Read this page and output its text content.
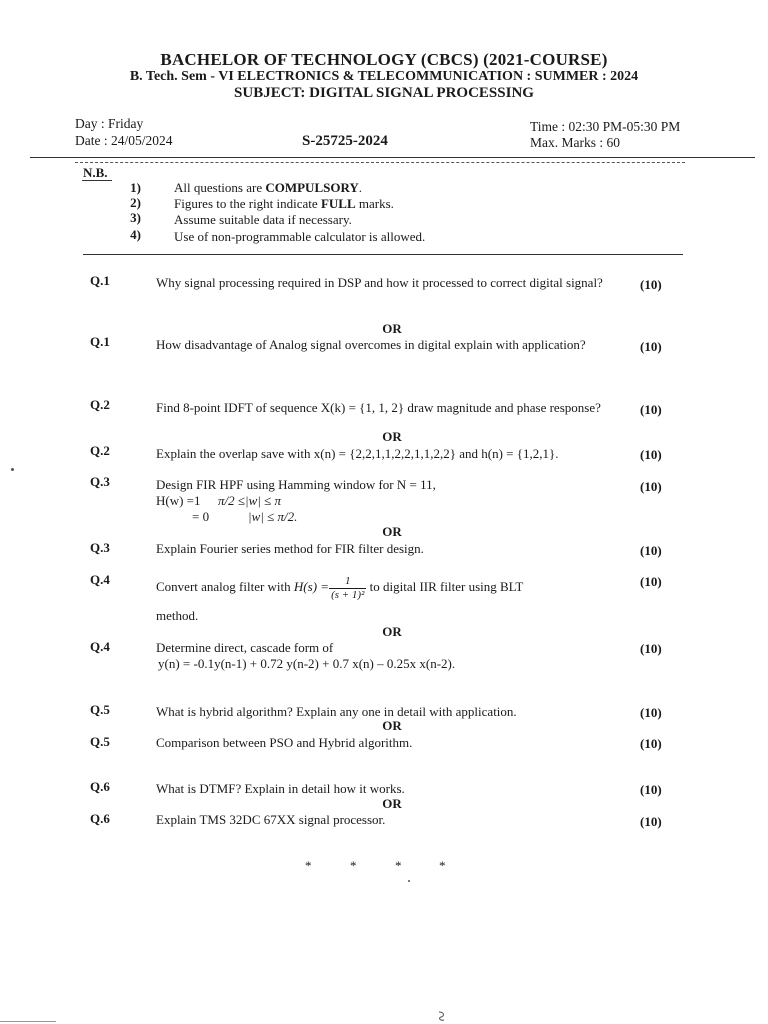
BACHELOR OF TECHNOLOGY (CBCS) (2021-COURSE)
B. Tech. Sem - VI ELECTRONICS & TELECOMMUNICATION : SUMMER : 2024
SUBJECT: DIGITAL SIGNAL PROCESSING
Day : Friday
Date : 24/05/2024	S-25725-2024
Time : 02:30 PM-05:30 PM
Max. Marks : 60
N.B.
1)	All questions are COMPULSORY.
2)	Figures to the right indicate FULL marks.
3)	Assume suitable data if necessary.
4)	Use of non-programmable calculator is allowed.
Q.1	Why signal processing required in DSP and how it processed to correct digital signal?	(10)
OR
Q.1	How disadvantage of Analog signal overcomes in digital explain with application?	(10)
Q.2	Find 8-point IDFT of sequence X(k) = {1, 1, 2} draw magnitude and phase response?	(10)
OR
Q.2	Explain the overlap save with x(n) = {2,2,1,1,2,2,1,1,2,2} and h(n) = {1,2,1}.	(10)
Q.3	Design FIR HPF using Hamming window for N = 11,	(10)
H(w) =1 π/2 ≤|w| ≤ π
= 0	|w| ≤ π/2.
OR
Q.3	Explain Fourier series method for FIR filter design.	(10)
Q.4	Convert analog filter with $H(s) = \frac{1}{\text{(s + 1)²}}$ to digital IIR filter using BLT	(10)
method.
OR
Q.4	Determine direct, cascade form of	(10)
y(n) = -0.1y(n-1) + 0.72 y(n-2) + 0.7 x(n) – 0.25x x(n-2).
Q.5	What is hybrid algorithm? Explain any one in detail with application.	(10)
OR
Q.5	Comparison between PSO and Hybrid algorithm.	(10)
Q.6	What is DTMF? Explain in detail how it works.	(10)
OR
Q.6	Explain TMS 32DC 67XX signal processor.	(10)
*	*	*	*
